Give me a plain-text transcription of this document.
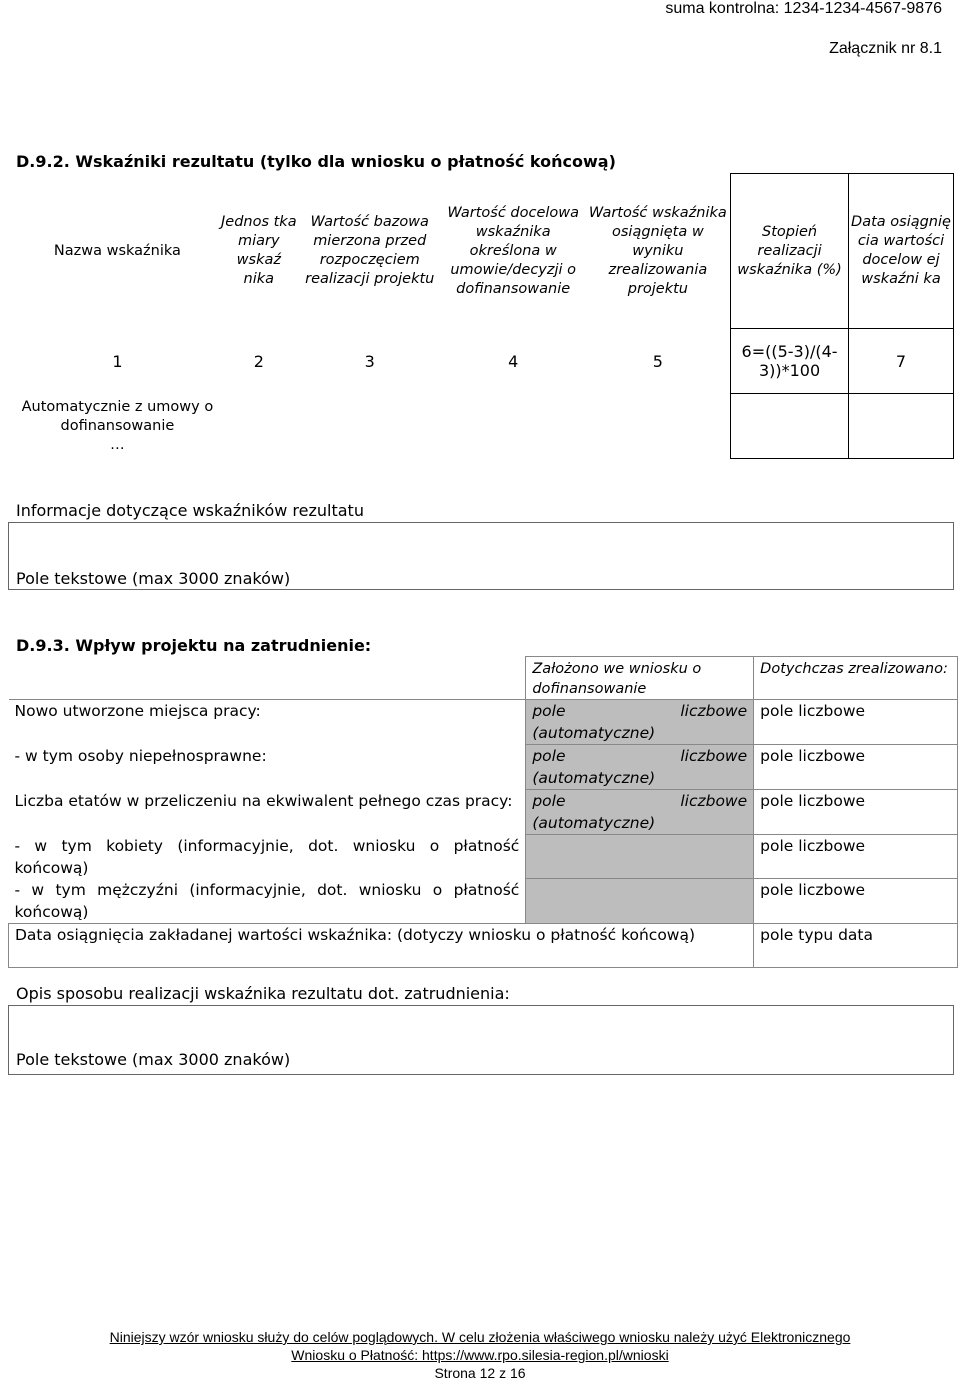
suma kontrolna: 1234-1234-4567-9876
Załącznik nr 8.1
D.9.2. Wskaźniki rezultatu (tylko dla wniosku o płatność końcową)
Nazwa wskaźnika	Jednos tka miary wskaź nika	Wartość bazowa mierzona przed rozpoczęciem realizacji projektu	Wartość docelowa wskaźnika określona w umowie/decyzji o dofinansowanie	Wartość wskaźnika osiągnięta w wyniku zrealizowania projektu	Stopień realizacji wskaźnika (%)	Data osiągnię cia wartości docelow ej wskaźni ka
1	2	3	4	5	6=((5-3)/(4-3))*100	7
Automatycznie z umowy o dofinansowanie
…						
Informacje dotyczące wskaźników rezultatu
Pole tekstowe (max 3000 znaków)
D.9.3. Wpływ projektu na zatrudnienie:
	Założono we wniosku o dofinansowanie	Dotychczas zrealizowano:
Nowo utworzone miejsca pracy:	pole liczbowe (automatyczne)	pole liczbowe
- w tym osoby niepełnosprawne:	pole liczbowe (automatyczne)	pole liczbowe
Liczba etatów w przeliczeniu na ekwiwalent pełnego czas pracy:	pole liczbowe (automatyczne)	pole liczbowe
- w tym kobiety (informacyjnie, dot. wniosku o płatność końcową)		pole liczbowe
- w tym mężczyźni (informacyjnie, dot. wniosku o płatność końcową)		pole liczbowe
Data osiągnięcia zakładanej wartości wskaźnika: (dotyczy wniosku o płatność końcową)		pole typu data
Opis sposobu realizacji wskaźnika rezultatu dot. zatrudnienia:
Pole tekstowe (max 3000 znaków)
Niniejszy wzór wniosku służy do celów poglądowych. W celu złożenia właściwego wniosku należy użyć Elektronicznego
Wniosku o Płatność: https://www.rpo.silesia-region.pl/wnioski
Strona 12 z 16
